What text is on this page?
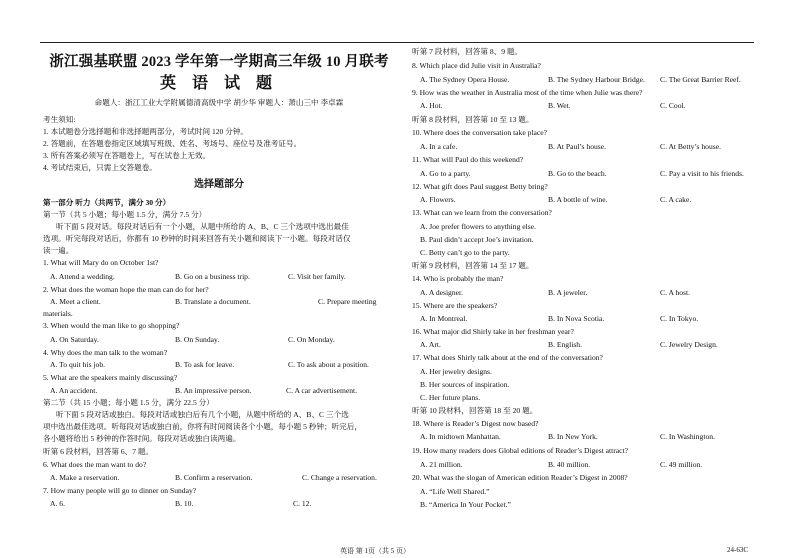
浙江强基联盟 2023 学年第一学期高三年级 10 月联考
英 语 试 题
命题人：浙江工业大学附属德清高级中学 胡少华 审题人：萧山三中 李卓霖
考生须知:
1. 本试题卷分选择题和非选择题两部分，考试时间 120 分钟。
2. 答题前，在答题卷指定区域填写班级、姓名、考场号、座位号及准考证号。
3. 所有答案必须写在答题卷上，写在试卷上无效。
4. 考试结束后，只需上交答题卷。
选择题部分
第一部分 听力（共两节，满分 30 分）
第一节（共 5 小题；每小题 1.5 分，满分 7.5 分）
听下面 5 段对话。每段对话后有一个小题，从题中所给的 A、B、C 三个选项中选出最佳
选项。听完每段对话后，你都有 10 秒钟的时间来回答有关小题和阅读下一小题。每段对话仅
读一遍。
1. What will Mary do on October 1st?
A. Attend a wedding.	B. Go on a business trip.	C. Visit her family.
2. What does the woman hope the man can do for her?
A. Meet a client.	B. Translate a document.	C. Prepare meeting
materials.
3. When would the man like to go shopping?
A. On Saturday.	B. On Sunday.	C. On Monday.
4. Why does the man talk to the woman?
A. To quit his job.	B. To ask for leave.	C. To ask about a position.
5. What are the speakers mainly discussing?
A. An accident.	B. An impressive person.	C. A car advertisement.
第二节（共 15 小题；每小题 1.5 分，满分 22.5 分）
听下面 5 段对话或独白。每段对话或独白后有几个小题，从题中所给的 A、B、C 三个选
项中选出最佳选项。听每段对话或独白前，你将有时间阅读各个小题，每小题 5 秒钟；听完后，
各小题将给出 5 秒钟的作答时间。每段对话或独白读两遍。
听第 6 段材料，回答第 6、7 题。
6. What does the man want to do?
A. Make a reservation.	B. Confirm a reservation.	C. Change a reservation.
7. How many people will go to dinner on Sunday?
A. 6.	B. 10.	C. 12.
听第 7 段材料，回答第 8、9 题。
8. Which place did Julie visit in Australia?
A. The Sydney Opera House.	B. The Sydney Harbour Bridge. C. The Great Barrier Reef.
9. How was the weather in Australia most of the time when Julie was there?
A. Hot.	B. Wet.	C. Cool.
听第 8 段材料，回答第 10 至 13 题。
10. Where does the conversation take place?
A. In a cafe.	B. At Paul’s house.	C. At Betty’s house.
11. What will Paul do this weekend?
A. Go to a party.	B. Go to the beach.	C. Pay a visit to his friends.
12. What gift does Paul suggest Betty bring?
A. Flowers.	B. A bottle of wine.	C. A cake.
13. What can we learn from the conversation?
A. Joe prefer flowers to anything else.
B. Paul didn’t accept Joe’s invitation.
C. Betty can’t go to the party.
听第 9 段材料，回答第 14 至 17 题。
14. Who is probably the man?
A. A designer.	B. A jeweler.	C. A host.
15. Where are the speakers?
A. In Montreal.	B. In Nova Scotia.	C. In Tokyo.
16. What major did Shirly take in her freshman year?
A. Art.	B. English.	C. Jewelry Design.
17. What does Shirly talk about at the end of the conversation?
A. Her jewelry designs.
B. Her sources of inspiration.
C. Her future plans.
听第 10 段材料，回答第 18 至 20 题。
18. Where is Reader’s Digest now based?
A. In midtown Manhattan.	B. In New York.	C. In Washington.
19. How many readers does Global editions of Reader’s Digest attract?
A. 21 million.	B. 40 million.	C. 49 million.
20. What was the slogan of American edition Reader’s Digest in 2008?
A. “Life Well Shared.”
B. “America In Your Pocket.”
英语 第 1页（共 5 页）	24-63C
